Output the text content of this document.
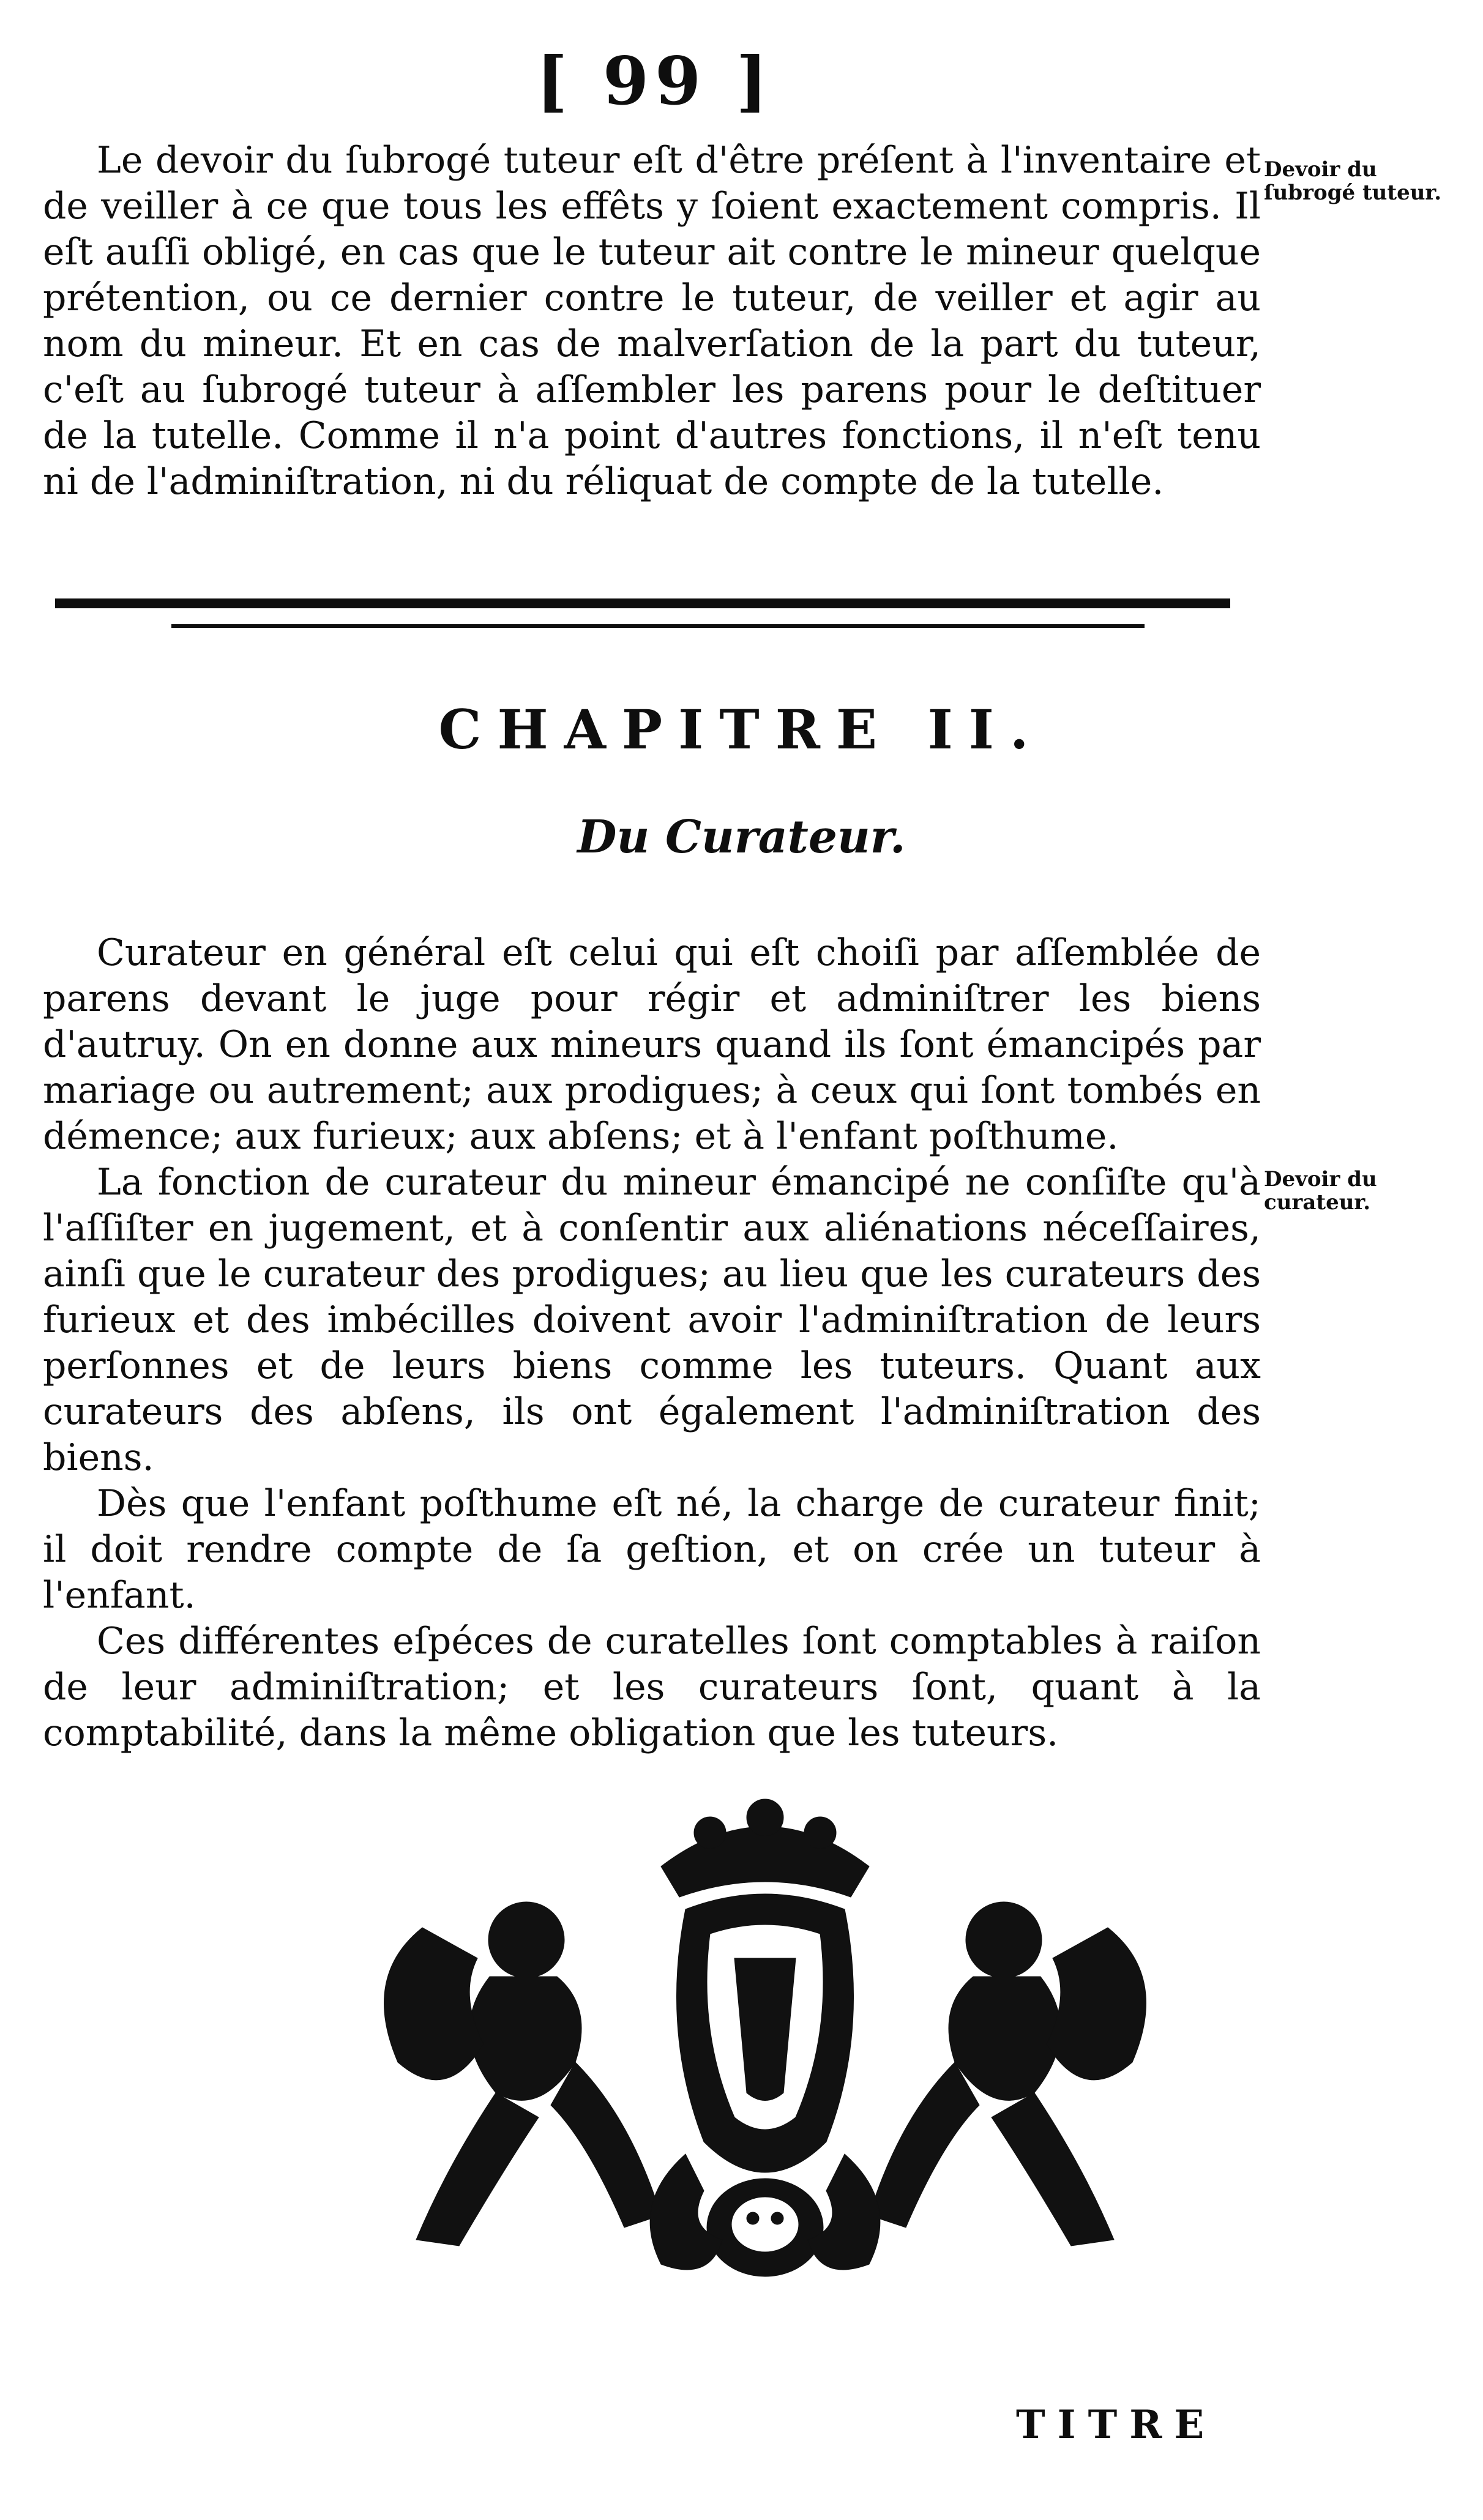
[ 99 ]

Le devoir du ſubrogé tuteur eſt d'être préſent à l'inventaire et de veiller à ce que tous les effêts y ſoient exactement compris. Il eſt auſſi obligé, en cas que le tuteur ait contre le mineur quelque prétention, ou ce dernier contre le tuteur, de veiller et agir au nom du mineur. Et en cas de malverſation de la part du tuteur, c'eſt au ſubrogé tuteur à aſſembler les parens pour le deſtituer de la tutelle. Comme il n'a point d'autres fonctions, il n'eſt tenu ni de l'adminiſtration, ni du réliquat de compte de la tutelle.

Devoir du ſubrogé tuteur.
CHAPITRE II.
Du Curateur.

Curateur en général eſt celui qui eſt choiſi par aſſemblée de parens devant le juge pour régir et adminiſtrer les biens d'autruy. On en donne aux mineurs quand ils ſont émancipés par mariage ou autrement; aux prodigues; à ceux qui ſont tombés en démence; aux furieux; aux abſens; et à l'enfant poſthume.

La fonction de curateur du mineur émancipé ne conſiſte qu'à l'aſſiſter en jugement, et à conſentir aux aliénations néceſſaires, ainſi que le curateur des prodigues; au lieu que les curateurs des furieux et des imbécilles doivent avoir l'adminiſtration de leurs perſonnes et de leurs biens comme les tuteurs. Quant aux curateurs des abſens, ils ont également l'adminiſtration des biens.

Dès que l'enfant poſthume eſt né, la charge de curateur finit; il doit rendre compte de ſa geſtion, et on crée un tuteur à l'enfant.

Ces différentes eſpéces de curatelles ſont comptables à raiſon de leur adminiſtration; et les curateurs ſont, quant à la comptabilité, dans la même obligation que les tuteurs.

Devoir du curateur.
TITRE
